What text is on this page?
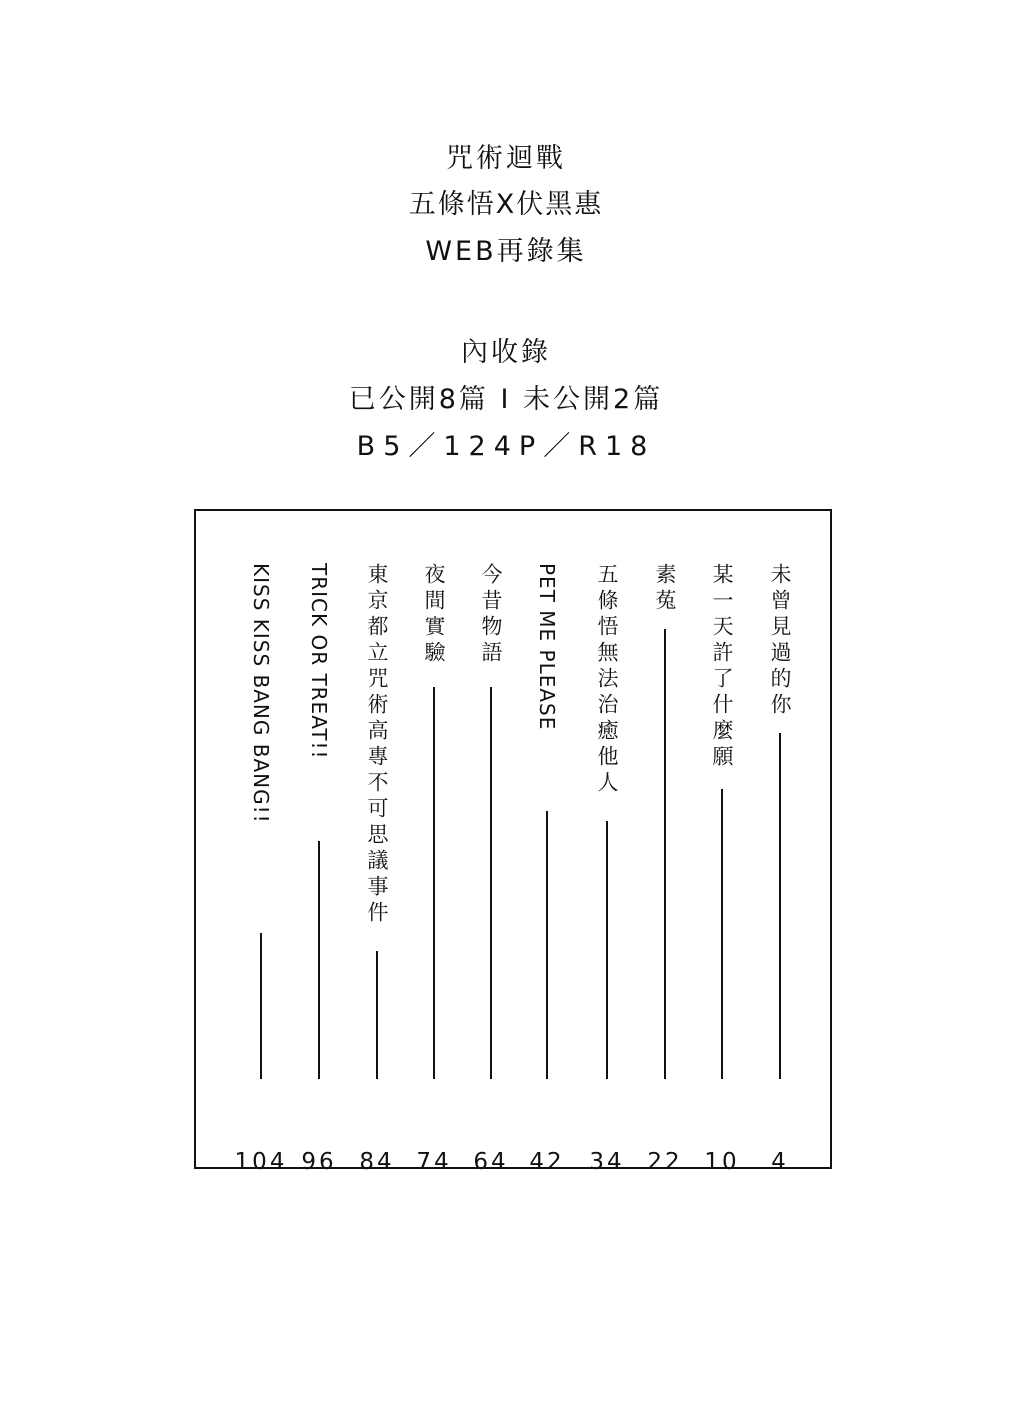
咒術迴戰
五條悟X伏黑惠
WEB再錄集
內收錄
已公開8篇 I 未公開2篇
B5／124P／R18
未曾見過的你
4
某一天許了什麼願
10
素菟
22
五條悟無法治癒他人
34
PET ME PLEASE
42
今昔物語
64
夜間實驗
74
東京都立咒術高專不可思議事件
84
TRICK OR TREAT!!
96
KISS KISS BANG BANG!!
104
